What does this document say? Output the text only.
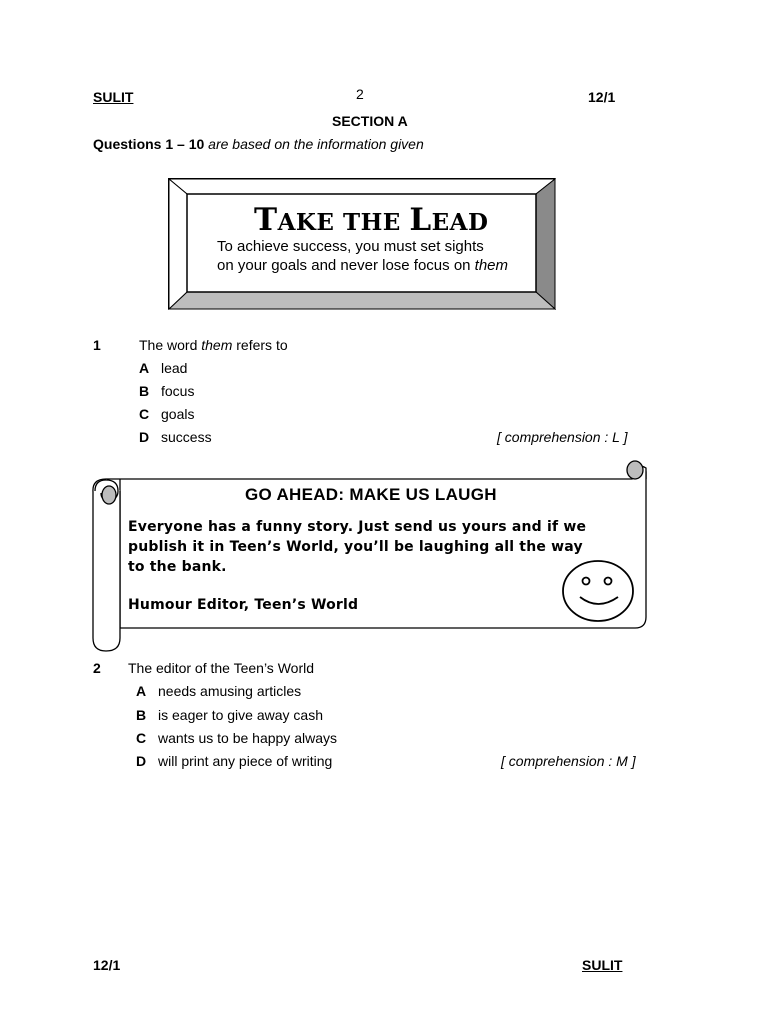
SULIT	2	12/1
SECTION A
Questions 1 – 10 are based on the information given
TAKE THE LEAD
To achieve success, you must set sights
on your goals and never lose focus on them
1	The word them refers to
A lead
B focus
C goals
D success	[ comprehension : L ]
GO AHEAD: MAKE US LAUGH
Everyone has a funny story. Just send us yours and if we
publish it in Teen’s World, you’ll be laughing all the way
to the bank.
Humour Editor, Teen’s World
2 The editor of the Teen’s World
A needs amusing articles
B is eager to give away cash
C wants us to be happy always
D will print any piece of writing	[ comprehension : M ]
12/1	SULIT
